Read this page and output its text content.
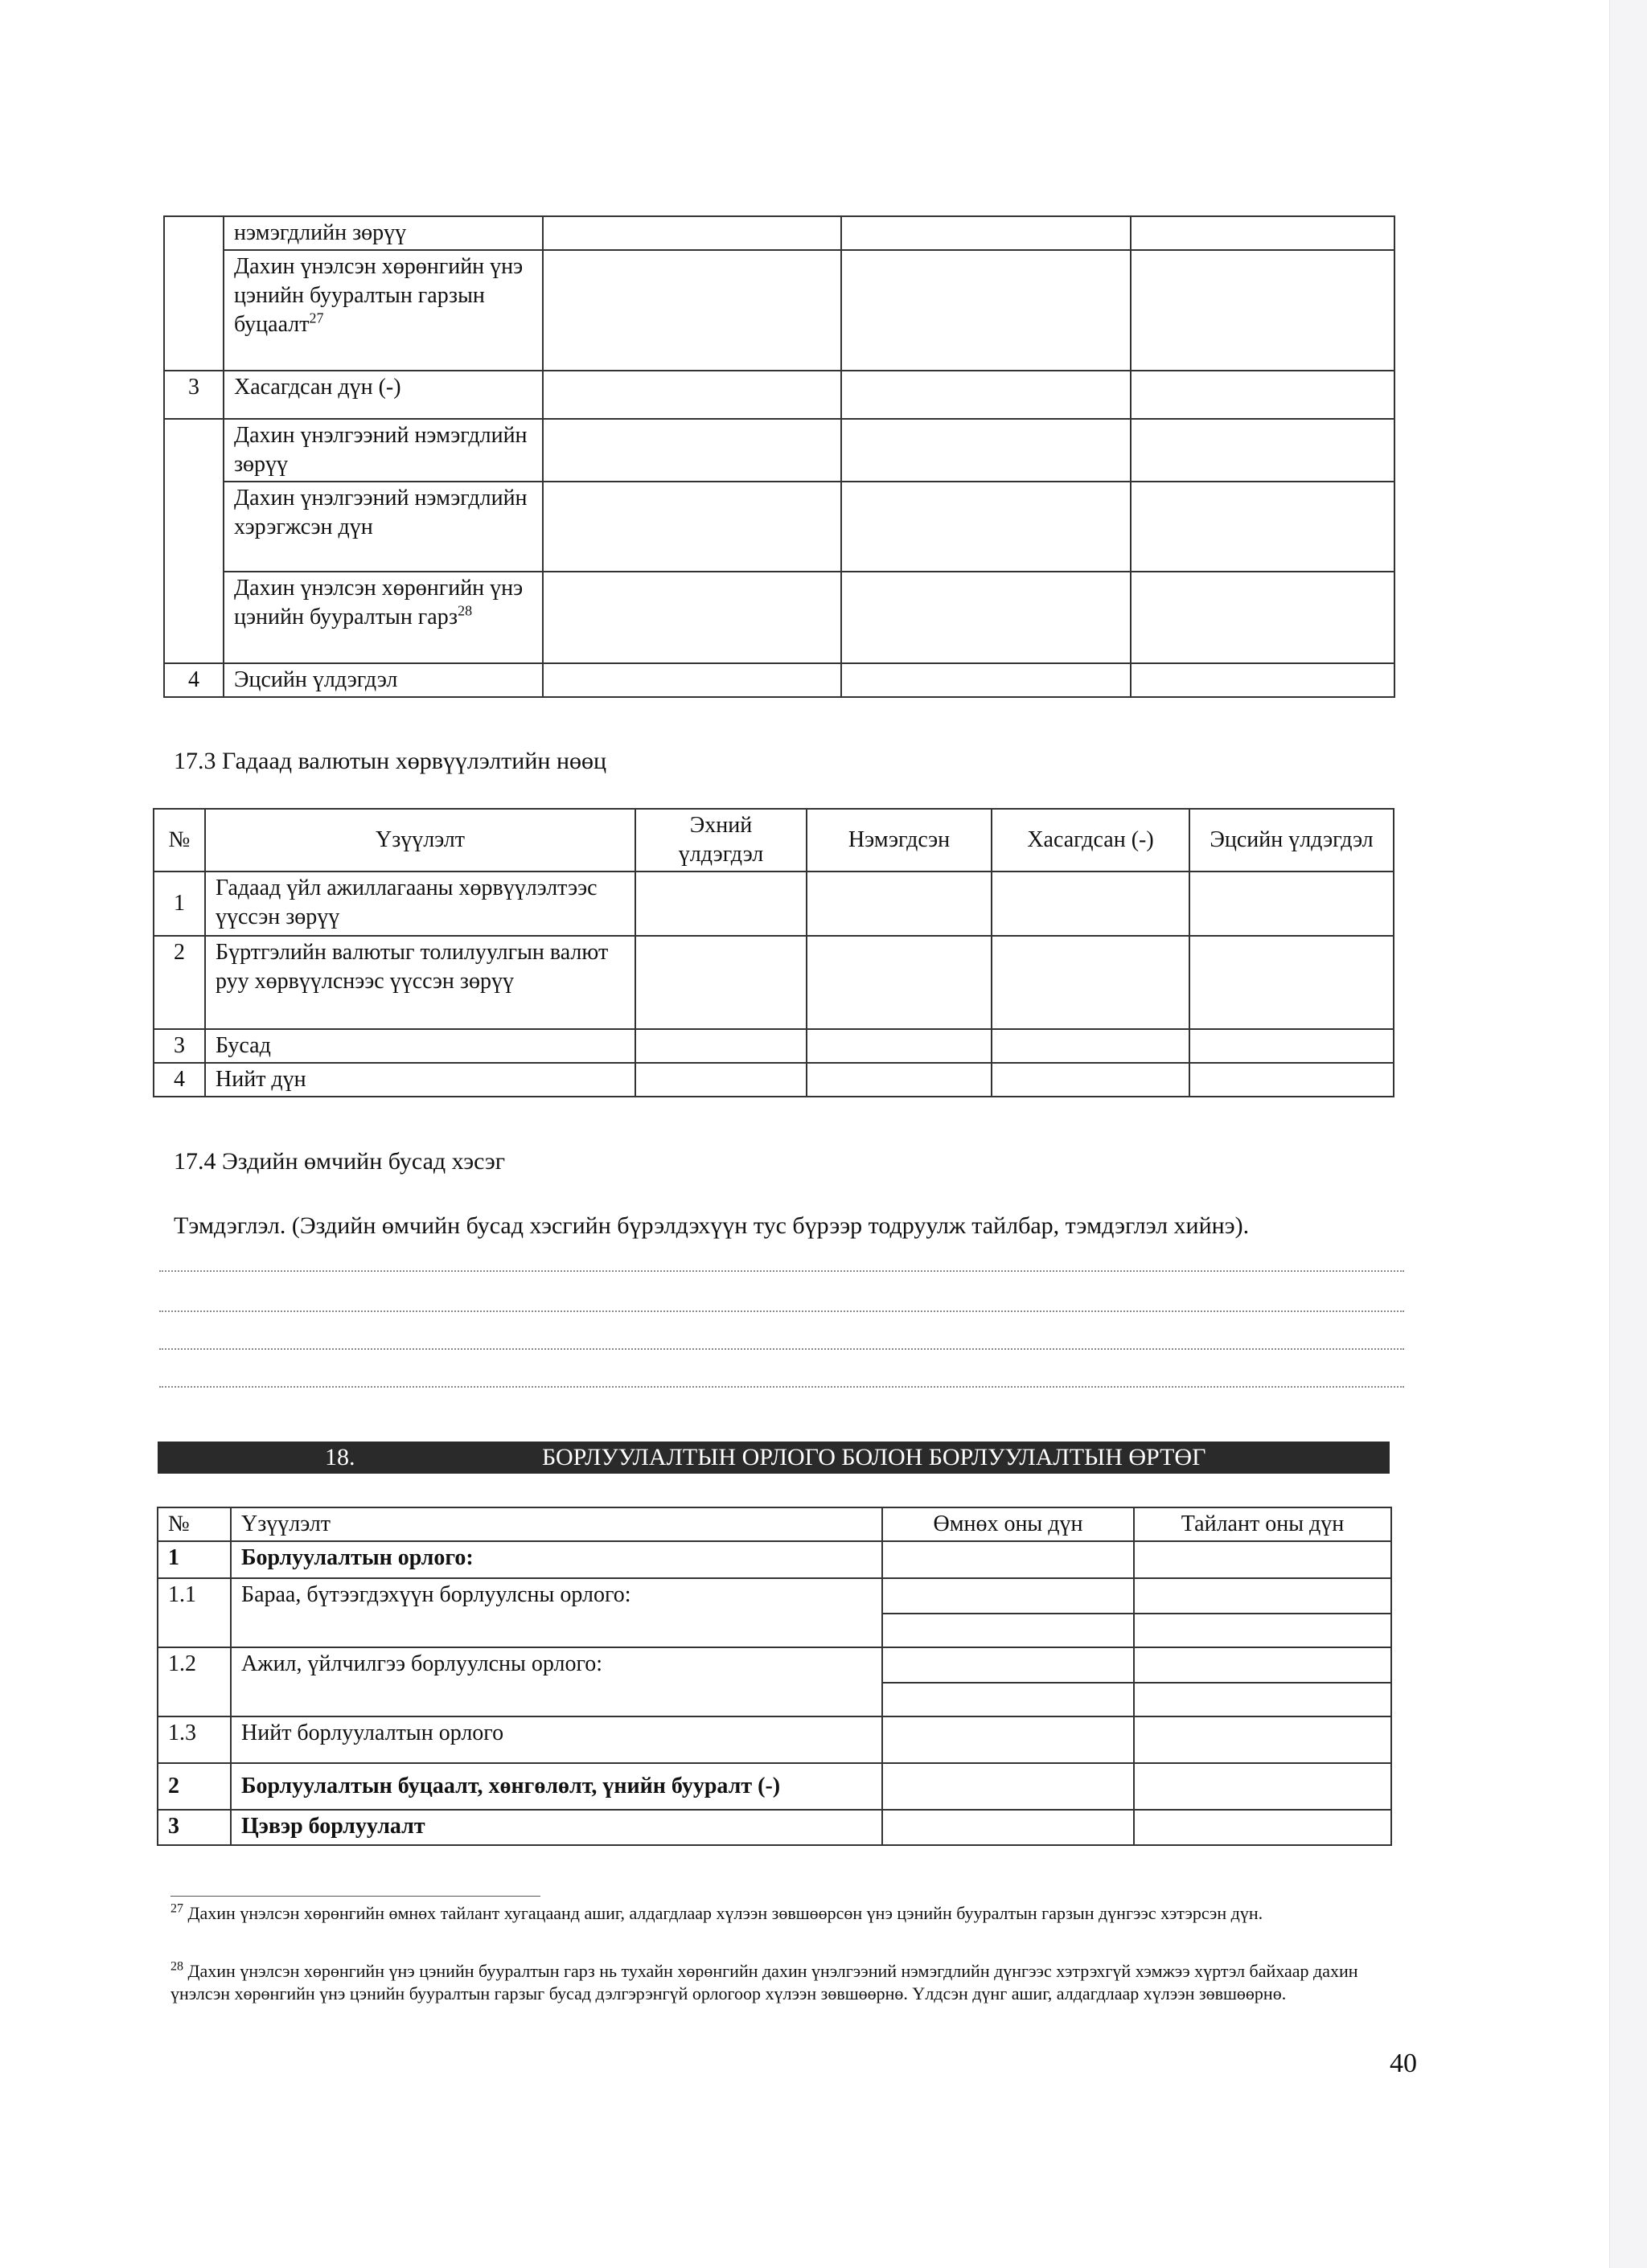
	нэмэгдлийн зөрүү			
	Дахин үнэлсэн хөрөнгийн үнэ цэнийн бууралтын гарзын буцаалт$^{27}$			
3	Хасагдсан дүн (-)			
	Дахин үнэлгээний нэмэгдлийн зөрүү			
	Дахин үнэлгээний нэмэгдлийн хэрэгжсэн дүн			
	Дахин үнэлсэн хөрөнгийн үнэ цэнийн бууралтын гарз$^{28}$			
4	Эцсийн үлдэгдэл			
17.3 Гадаад валютын хөрвүүлэлтийн нөөц
№	Үзүүлэлт	Эхний үлдэгдэл	Нэмэгдсэн	Хасагдсан (-)	Эцсийн үлдэгдэл
1	Гадаад үйл ажиллагааны хөрвүүлэлтээс үүссэн зөрүү				
2	Бүртгэлийн валютыг толилуулгын валют руу хөрвүүлснээс үүссэн зөрүү				
3	Бусад				
4	Нийт дүн				
17.4 Эздийн өмчийн бусад хэсэг
Тэмдэглэл. (Эздийн өмчийн бусад хэсгийн бүрэлдэхүүн тус бүрээр тодруулж тайлбар, тэмдэглэл хийнэ).
18.	БОРЛУУЛАЛТЫН ОРЛОГО БОЛОН БОРЛУУЛАЛТЫН ӨРТӨГ
№	Үзүүлэлт	Өмнөх оны дүн	Тайлант оны дүн
1	Борлуулалтын орлого:		
1.1	Бараа, бүтээгдэхүүн борлуулсны орлого:		

1.2	Ажил, үйлчилгээ борлуулсны орлого:		

1.3	Нийт борлуулалтын орлого		
2	Борлуулалтын буцаалт, хөнгөлөлт, үнийн бууралт (-)		
3	Цэвэр борлуулалт		
$^{27}$ Дахин үнэлсэн хөрөнгийн өмнөх тайлант хугацаанд ашиг, алдагдлаар хүлээн зөвшөөрсөн үнэ цэнийн бууралтын гарзын дүнгээс хэтэрсэн дүн.
$^{28}$ Дахин үнэлсэн хөрөнгийн үнэ цэнийн бууралтын гарз нь тухайн хөрөнгийн дахин үнэлгээний нэмэгдлийн дүнгээс хэтрэхгүй хэмжээ хүртэл байхаар дахин үнэлсэн хөрөнгийн үнэ цэнийн бууралтын гарзыг бусад дэлгэрэнгүй орлогоор хүлээн зөвшөөрнө. Үлдсэн дүнг ашиг, алдагдлаар хүлээн зөвшөөрнө.
40
